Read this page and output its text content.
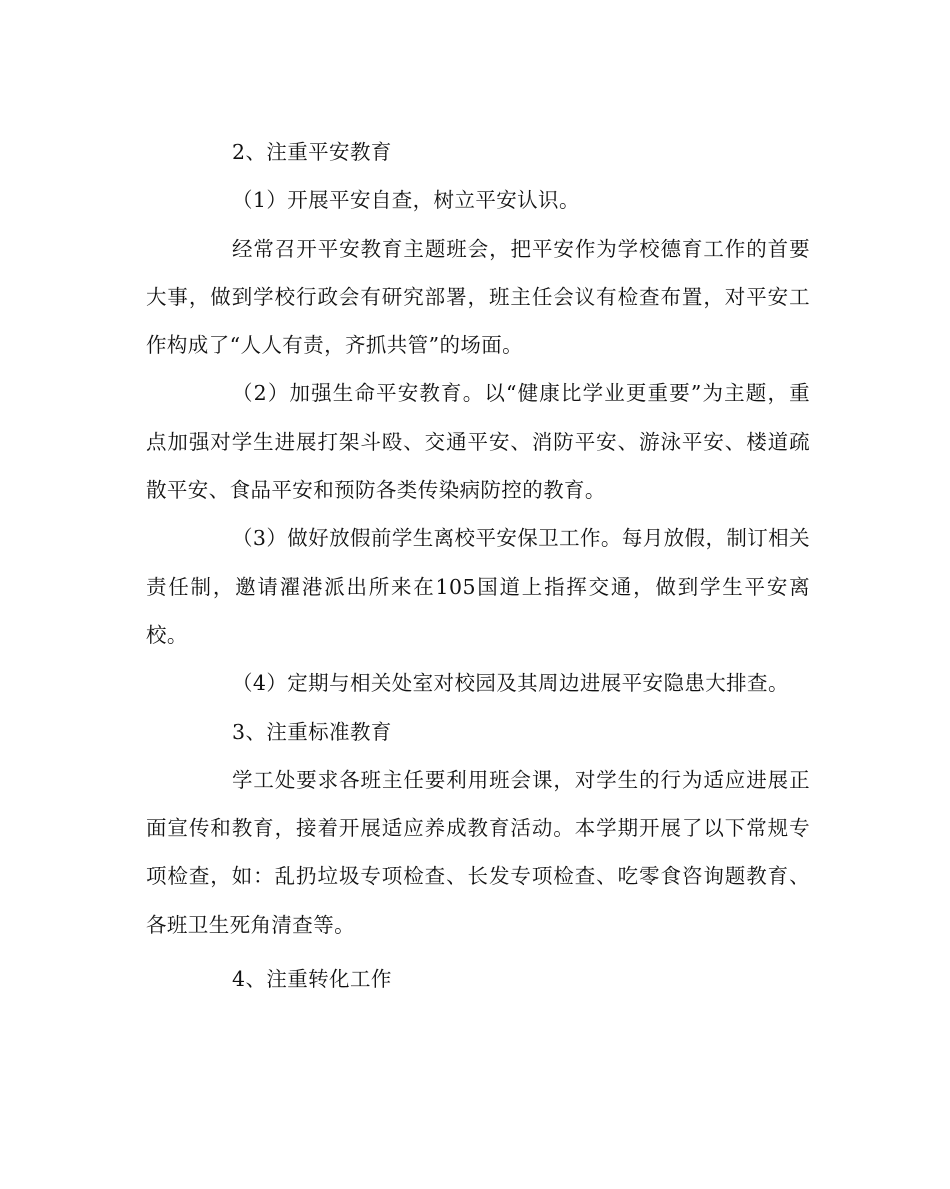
2、注重平安教育

（1）开展平安自查，树立平安认识。

经常召开平安教育主题班会，把平安作为学校德育工作的首要大事，做到学校行政会有研究部署，班主任会议有检查布置，对平安工作构成了“人人有责，齐抓共管”的场面。

（2）加强生命平安教育。以“健康比学业更重要”为主题，重点加强对学生进展打架斗殴、交通平安、消防平安、游泳平安、楼道疏散平安、食品平安和预防各类传染病防控的教育。

（3）做好放假前学生离校平安保卫工作。每月放假，制订相关责任制，邀请濯港派出所来在105国道上指挥交通，做到学生平安离校。

（4）定期与相关处室对校园及其周边进展平安隐患大排查。

3、注重标准教育

学工处要求各班主任要利用班会课，对学生的行为适应进展正面宣传和教育，接着开展适应养成教育活动。本学期开展了以下常规专项检查，如：乱扔垃圾专项检查、长发专项检查、吃零食咨询题教育、各班卫生死角清查等。

4、注重转化工作
